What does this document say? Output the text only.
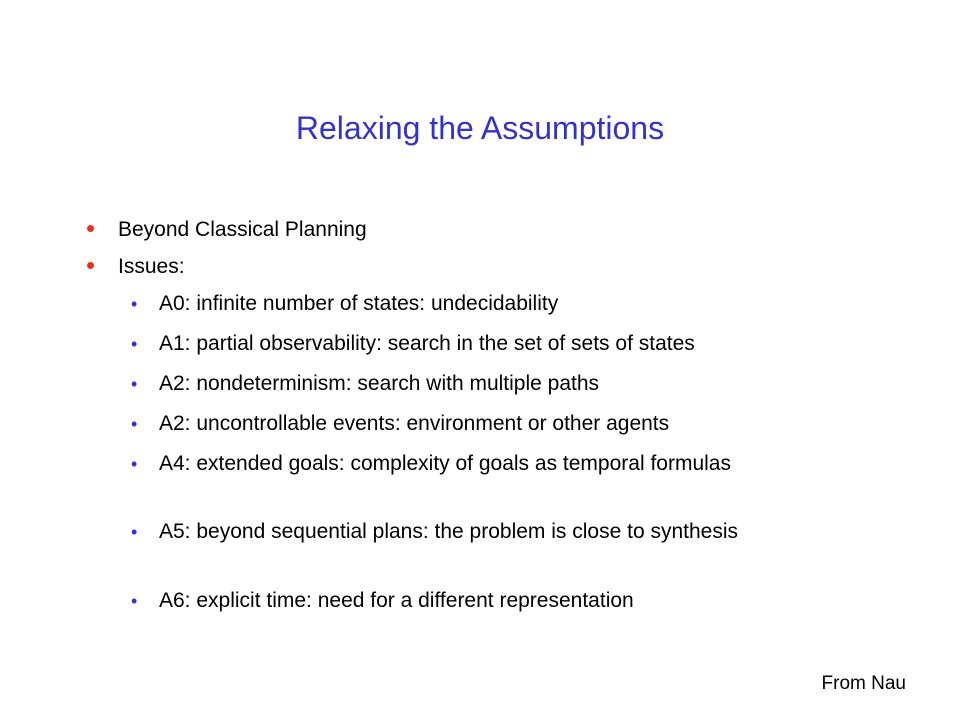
Relaxing the Assumptions
• Beyond Classical Planning
• Issues:
• A0: infinite number of states: undecidability
• A1: partial observability: search in the set of sets of states
• A2: nondeterminism: search with multiple paths
• A2: uncontrollable events: environment or other agents
• A4: extended goals: complexity of goals as temporal formulas
• A5: beyond sequential plans: the problem is close to synthesis
• A6: explicit time: need for a different representation
From Nau
